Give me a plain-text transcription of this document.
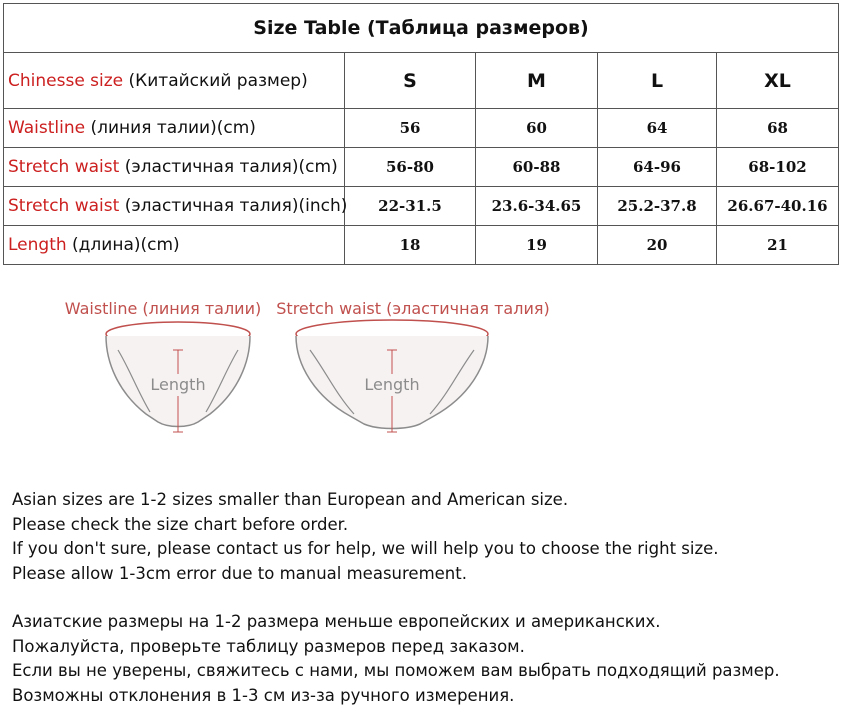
Size Table (Таблица размеров)				
Chinesse size (Китайский размер)	S	M	L	XL
Waistline (линия талии)(cm)	56	60	64	68
Stretch waist (эластичная талия)(cm)	56-80	60-88	64-96	68-102
Stretch waist (эластичная талия)(inch)	22-31.5	23.6-34.65	25.2-37.8	26.67-40.16
Length (длина)(cm)	18	19	20	21
Waistline (линия талии)
Length
Stretch waist (эластичная талия)
Length

Asian sizes are 1-2 sizes smaller than European and American size.

Please check the size chart before order.

If you don't sure, please contact us for help, we will help you to choose the right size.

Please allow 1-3cm error due to manual measurement.

Азиатские размеры на 1-2 размера меньше европейских и американских.

Пожалуйста, проверьте таблицу размеров перед заказом.

Если вы не уверены, свяжитесь с нами, мы поможем вам выбрать подходящий размер.

Возможны отклонения в 1-3 см из-за ручного измерения.
